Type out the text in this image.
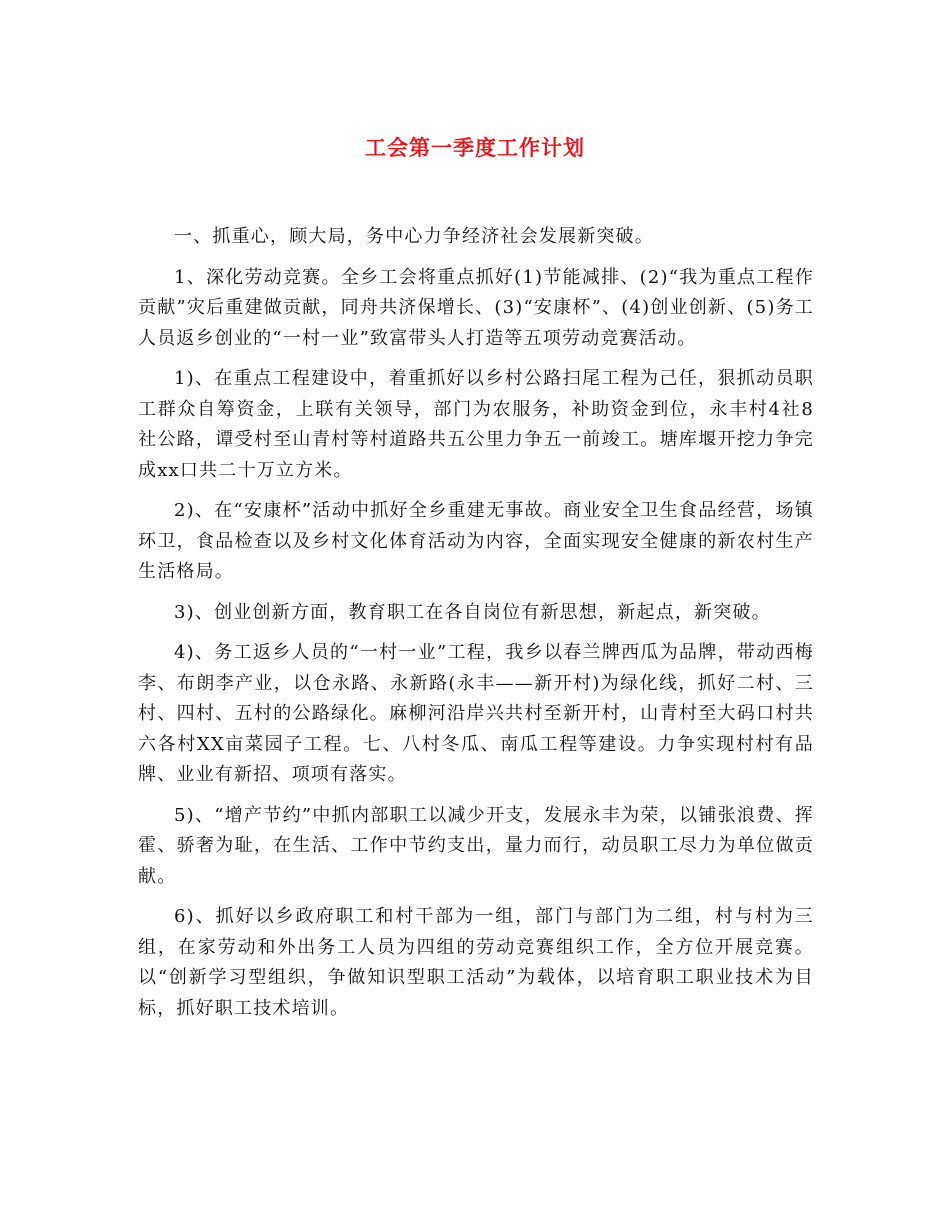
工会第一季度工作计划

一、抓重心，顾大局，务中心力争经济社会发展新突破。

1、深化劳动竞赛。全乡工会将重点抓好(1)节能减排、(2)“我为重点工程作贡献”灾后重建做贡献，同舟共济保增长、(3)“安康杯”、(4)创业创新、(5)务工人员返乡创业的“一村一业”致富带头人打造等五项劳动竞赛活动。

1)、在重点工程建设中，着重抓好以乡村公路扫尾工程为己任，狠抓动员职工群众自筹资金，上联有关领导，部门为农服务，补助资金到位，永丰村4社8社公路，谭受村至山青村等村道路共五公里力争五一前竣工。塘库堰开挖力争完成xx口共二十万立方米。

2)、在“安康杯”活动中抓好全乡重建无事故。商业安全卫生食品经营，场镇环卫，食品检查以及乡村文化体育活动为内容，全面实现安全健康的新农村生产生活格局。

3)、创业创新方面，教育职工在各自岗位有新思想，新起点，新突破。

4)、务工返乡人员的“一村一业”工程，我乡以春兰牌西瓜为品牌，带动西梅李、布朗李产业，以仓永路、永新路(永丰——新开村)为绿化线，抓好二村、三村、四村、五村的公路绿化。麻柳河沿岸兴共村至新开村，山青村至大码口村共六各村XX亩菜园子工程。七、八村冬瓜、南瓜工程等建设。力争实现村村有品牌、业业有新招、项项有落实。

5)、“增产节约”中抓内部职工以减少开支，发展永丰为荣，以铺张浪费、挥霍、骄奢为耻，在生活、工作中节约支出，量力而行，动员职工尽力为单位做贡献。

6)、抓好以乡政府职工和村干部为一组，部门与部门为二组，村与村为三组，在家劳动和外出务工人员为四组的劳动竞赛组织工作，全方位开展竞赛。以“创新学习型组织，争做知识型职工活动”为载体，以培育职工职业技术为目标，抓好职工技术培训。
